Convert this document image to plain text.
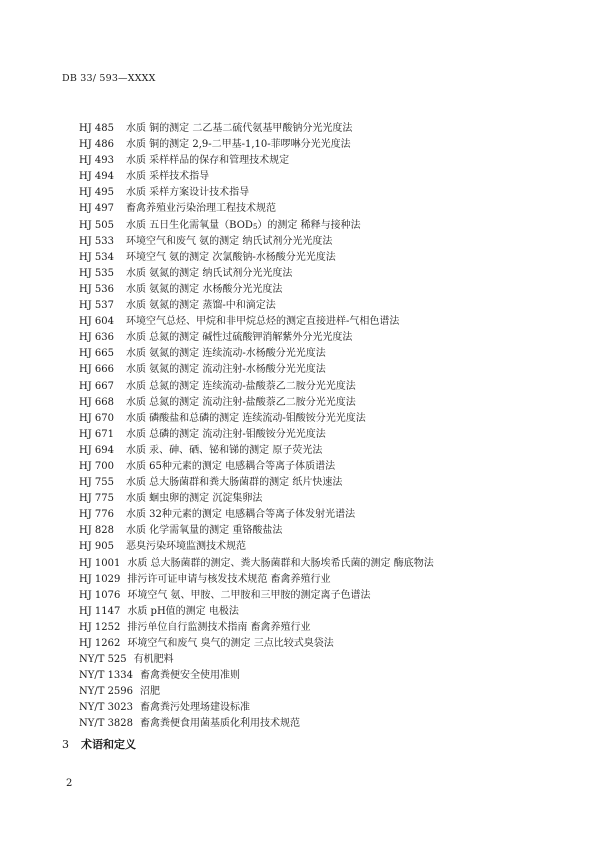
DB 33/ 593—XXXX
HJ 485 水质 铜的测定 二乙基二硫代氨基甲酸钠分光光度法
HJ 486 水质 铜的测定 2,9-二甲基-1,10-菲啰啉分光光度法
HJ 493 水质 采样样品的保存和管理技术规定
HJ 494 水质 采样技术指导
HJ 495 水质 采样方案设计技术指导
HJ 497 畜禽养殖业污染治理工程技术规范
HJ 505 水质 五日生化需氧量$(BOD_5)$的测定 稀释与接种法
HJ 533 环境空气和废气 氨的测定 纳氏试剂分光光度法
HJ 534 环境空气 氨的测定 次氯酸钠-水杨酸分光光度法
HJ 535 水质 氨氮的测定 纳氏试剂分光光度法
HJ 536 水质 氨氮的测定 水杨酸分光光度法
HJ 537 水质 氨氮的测定 蒸馏-中和滴定法
HJ 604 环境空气总烃、甲烷和非甲烷总烃的测定直接进样-气相色谱法
HJ 636 水质 总氮的测定 碱性过硫酸钾消解紫外分光光度法
HJ 665 水质 氨氮的测定 连续流动-水杨酸分光光度法
HJ 666 水质 氨氮的测定 流动注射-水杨酸分光光度法
HJ 667 水质 总氮的测定 连续流动-盐酸萘乙二胺分光光度法
HJ 668 水质 总氮的测定 流动注射-盐酸萘乙二胺分光光度法
HJ 670 水质 磷酸盐和总磷的测定 连续流动-钼酸铵分光光度法
HJ 671 水质 总磷的测定 流动注射-钼酸铵分光光度法
HJ 694 水质 汞、砷、硒、铋和锑的测定 原子荧光法
HJ 700 水质 65种元素的测定 电感耦合等离子体质谱法
HJ 755 水质 总大肠菌群和粪大肠菌群的测定 纸片快速法
HJ 775 水质 蛔虫卵的测定 沉淀集卵法
HJ 776 水质 32种元素的测定 电感耦合等离子体发射光谱法
HJ 828 水质 化学需氧量的测定 重铬酸盐法
HJ 905 恶臭污染环境监测技术规范
HJ 1001 水质 总大肠菌群的测定、粪大肠菌群和大肠埃希氏菌的测定 酶底物法
HJ 1029 排污许可证申请与核发技术规范 畜禽养殖行业
HJ 1076 环境空气 氨、甲胺、二甲胺和三甲胺的测定离子色谱法
HJ 1147 水质 pH值的测定 电极法
HJ 1252 排污单位自行监测技术指南 畜禽养殖行业
HJ 1262 环境空气和废气 臭气的测定 三点比较式臭袋法
NY/T 525 有机肥料
NY/T 1334 畜禽粪便安全使用准则
NY/T 2596 沼肥
NY/T 3023 畜禽粪污处理场建设标准
NY/T 3828 畜禽粪便食用菌基质化利用技术规范
3 术语和定义
2
